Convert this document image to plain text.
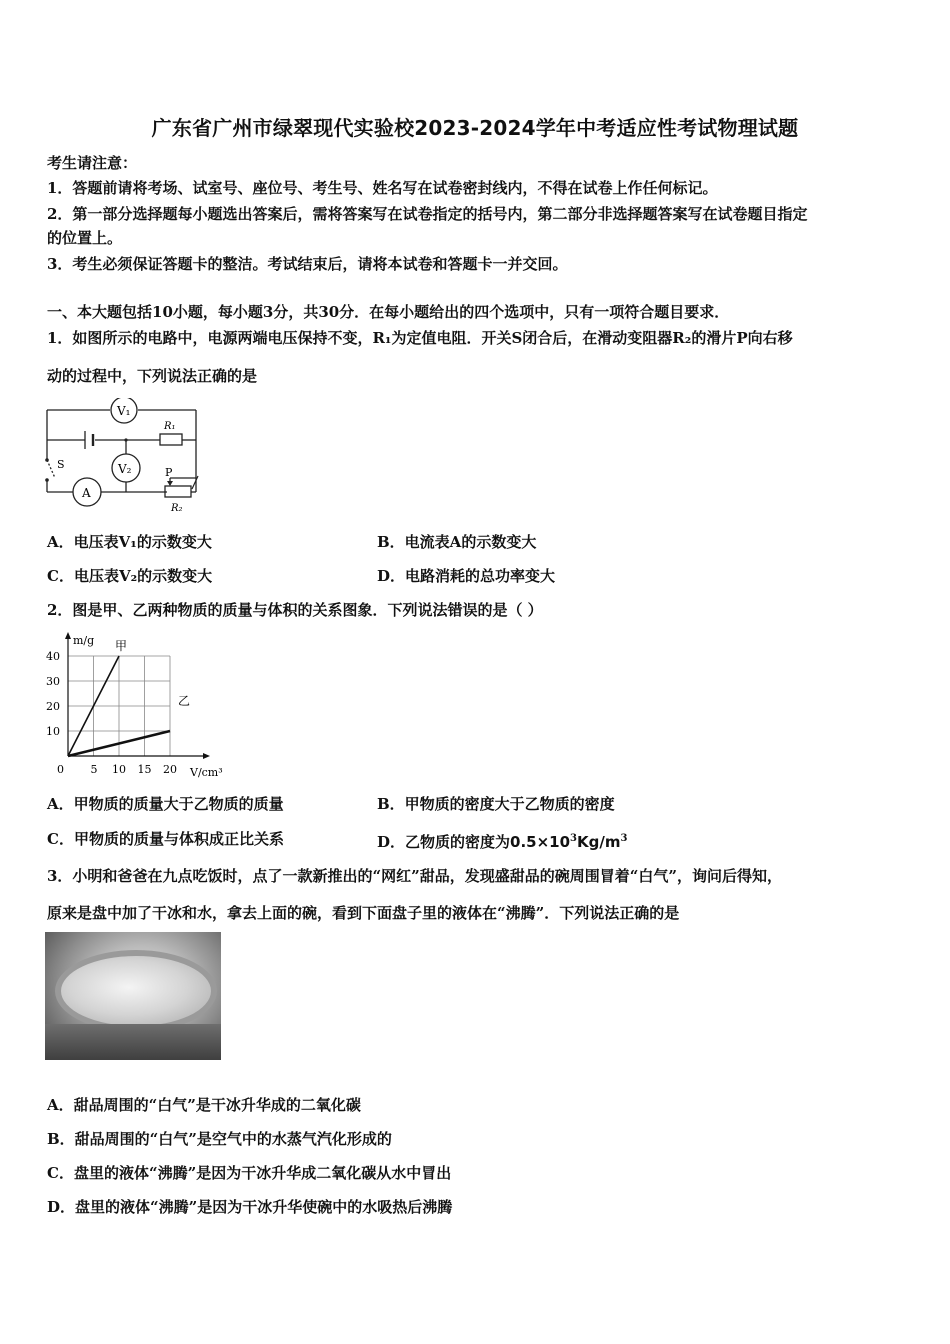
广东省广州市绿翠现代实验校2023-2024学年中考适应性考试物理试题
考生请注意：
1．答题前请将考场、试室号、座位号、考生号、姓名写在试卷密封线内，不得在试卷上作任何标记。
2．第一部分选择题每小题选出答案后，需将答案写在试卷指定的括号内，第二部分非选择题答案写在试卷题目指定
的位置上。
3．考生必须保证答题卡的整洁。考试结束后，请将本试卷和答题卡一并交回。
一、本大题包括10小题，每小题3分，共30分．在每小题给出的四个选项中，只有一项符合题目要求．
1．如图所示的电路中，电源两端电压保持不变，R₁为定值电阻．开关S闭合后，在滑动变阻器R₂的滑片P向右移
动的过程中，下列说法正确的是
V₁
V₂
A
R₁
R₂
S
P
A．电压表V₁的示数变大	B．电流表A的示数变大
C．电压表V₂的示数变大	D．电路消耗的总功率变大
2．图是甲、乙两种物质的质量与体积的关系图象．下列说法错误的是（ ）
0 5 10 15 20
10
20
30
40
m/g
V/cm³
甲
乙
A．甲物质的质量大于乙物质的质量	B．甲物质的密度大于乙物质的密度
C．甲物质的质量与体积成正比关系	D．乙物质的密度为$0.5\times 10^3Kg/m^3$
3．小明和爸爸在九点吃饭时，点了一款新推出的“网红”甜品，发现盛甜品的碗周围冒着“白气”，询问后得知，
原来是盘中加了干冰和水，拿去上面的碗，看到下面盘子里的液体在“沸腾”．下列说法正确的是
A．甜品周围的“白气”是干冰升华成的二氧化碳
B．甜品周围的“白气”是空气中的水蒸气汽化形成的
C．盘里的液体“沸腾”是因为干冰升华成二氧化碳从水中冒出
D．盘里的液体“沸腾”是因为干冰升华使碗中的水吸热后沸腾
